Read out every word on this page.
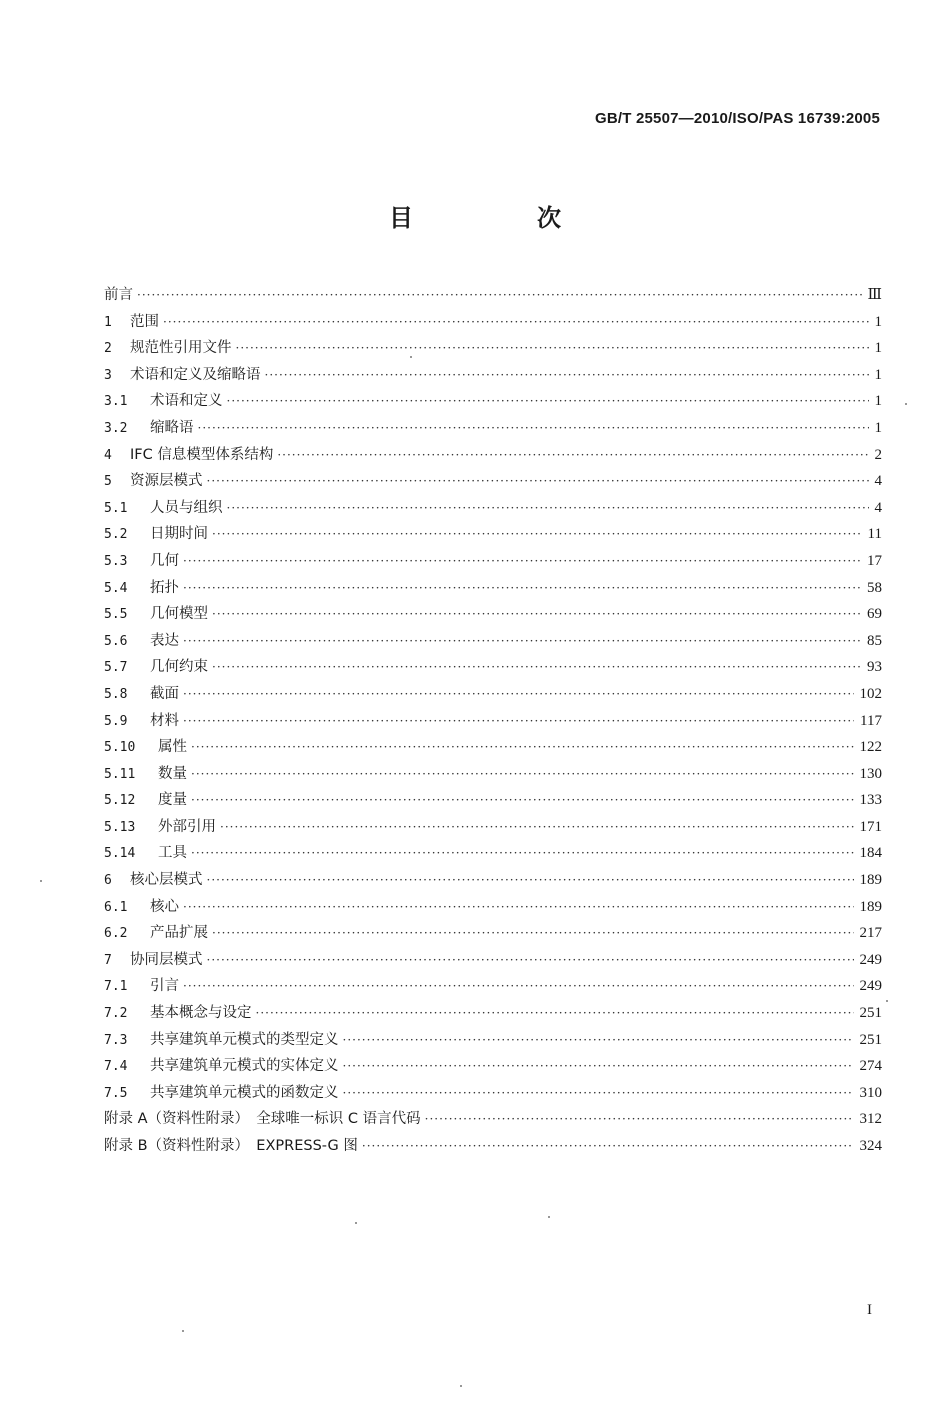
GB/T 25507—2010/ISO/PAS 16739:2005
目　次
前言 ·····	Ⅲ
1	范围 ·····	1
2	规范性引用文件 ·····	1
3	术语和定义及缩略语 ·····	1
3.1	术语和定义 ·····	1
3.2	缩略语 ·····	1
4	IFC 信息模型体系结构 ·····	2
5	资源层模式 ·····	4
5.1	人员与组织 ·····	4
5.2	日期时间 ·····	11
5.3	几何 ·····	17
5.4	拓扑 ·····	58
5.5	几何模型 ·····	69
5.6	表达 ·····	85
5.7	几何约束 ·····	93
5.8	截面 ·····	102
5.9	材料 ·····	117
5.10	属性 ·····	122
5.11	数量 ·····	130
5.12	度量 ·····	133
5.13	外部引用 ·····	171
5.14	工具 ·····	184
6	核心层模式 ·····	189
6.1	核心 ·····	189
6.2	产品扩展 ·····	217
7	协同层模式 ·····	249
7.1	引言 ·····	249
7.2	基本概念与设定 ·····	251
7.3	共享建筑单元模式的类型定义 ·····	251
7.4	共享建筑单元模式的实体定义 ·····	274
7.5	共享建筑单元模式的函数定义 ·····	310
附录 A（资料性附录）　全球唯一标识 C 语言代码 ·····	312
附录 B（资料性附录）　EXPRESS-G 图 ·····	324
I
